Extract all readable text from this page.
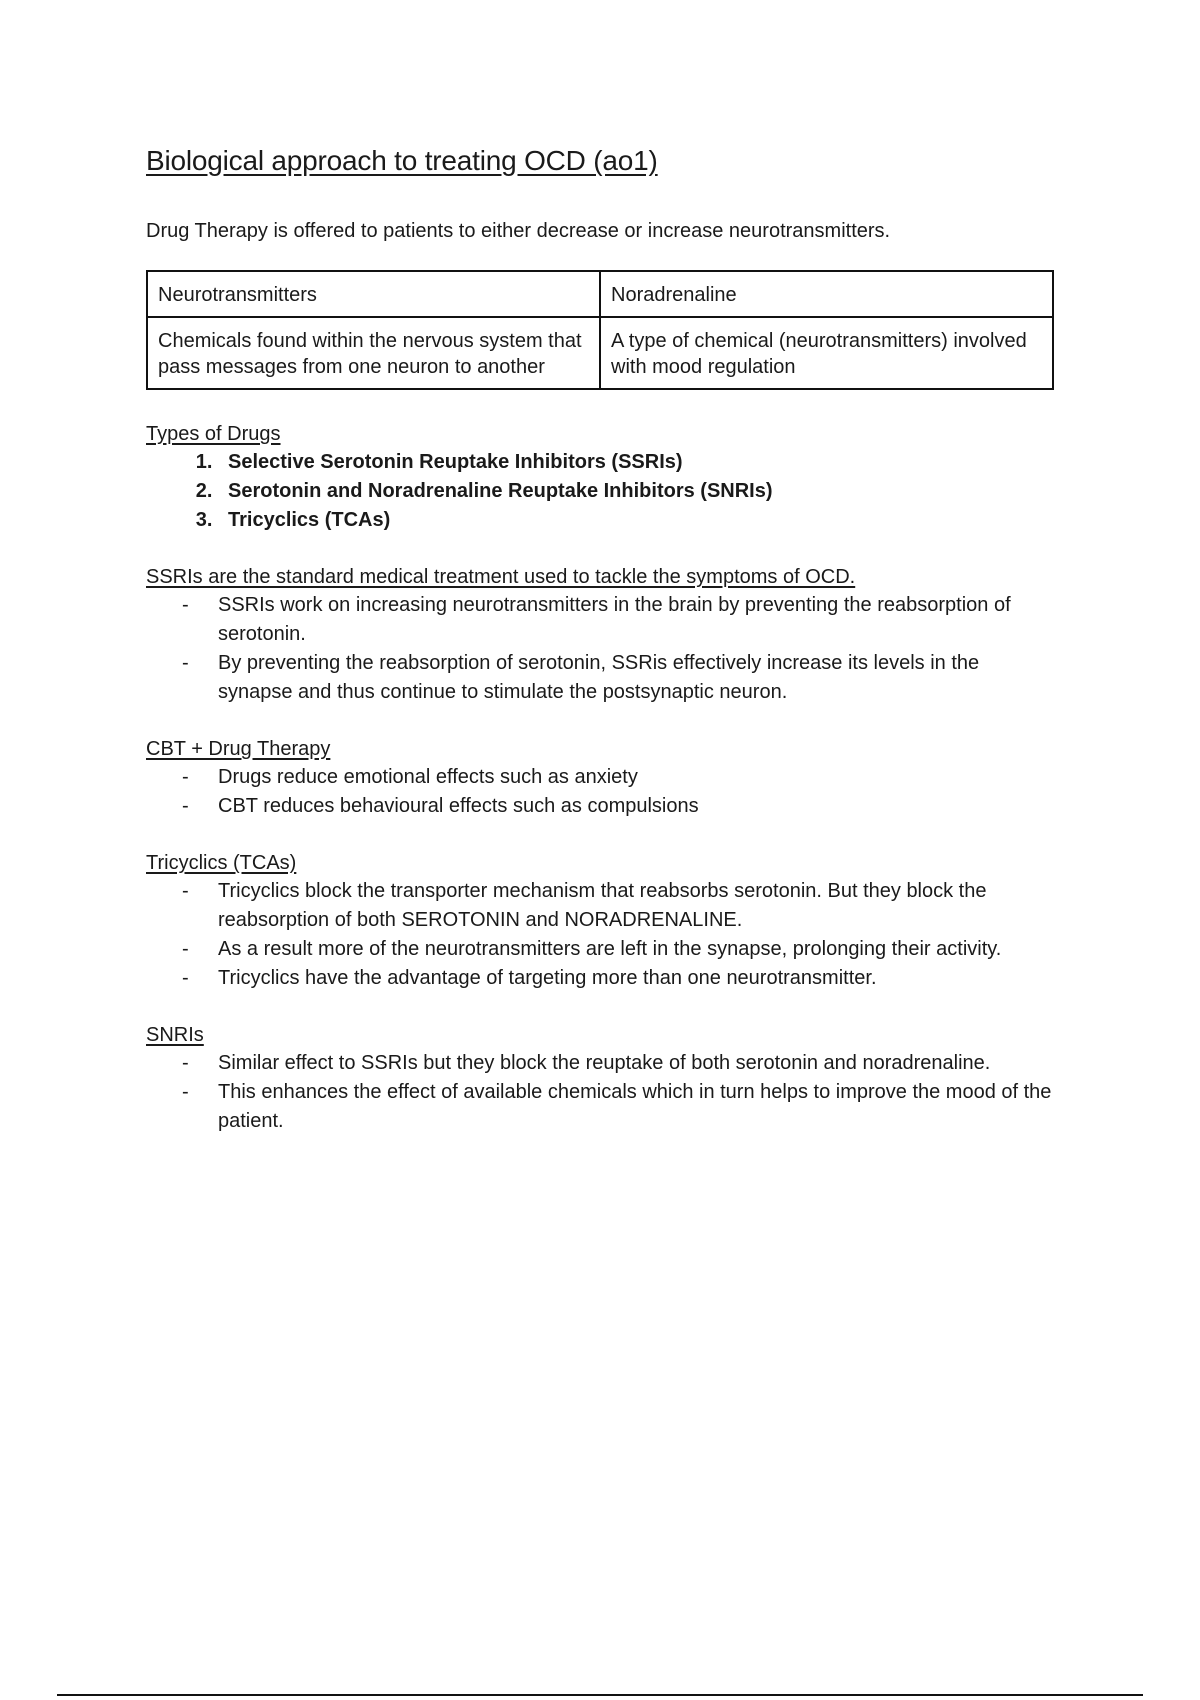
Biological approach to treating OCD (ao1)

Drug Therapy is offered to patients to either decrease or increase neurotransmitters.

Neurotransmitters	Noradrenaline
Chemicals found within the nervous system that pass messages from one neuron to another	A type of chemical (neurotransmitters) involved with mood regulation
Types of Drugs
1. Selective Serotonin Reuptake Inhibitors (SSRIs)
2. Serotonin and Noradrenaline Reuptake Inhibitors (SNRIs)
3. Tricyclics (TCAs)
SSRIs are the standard medical treatment used to tackle the symptoms of OCD.
- SSRIs work on increasing neurotransmitters in the brain by preventing the reabsorption of serotonin.
- By preventing the reabsorption of serotonin, SSRis effectively increase its levels in the synapse and thus continue to stimulate the postsynaptic neuron.
CBT + Drug Therapy
- Drugs reduce emotional effects such as anxiety
- CBT reduces behavioural effects such as compulsions
Tricyclics (TCAs)
- Tricyclics block the transporter mechanism that reabsorbs serotonin. But they block the reabsorption of both SEROTONIN and NORADRENALINE.
- As a result more of the neurotransmitters are left in the synapse, prolonging their activity.
- Tricyclics have the advantage of targeting more than one neurotransmitter.
SNRIs
- Similar effect to SSRIs but they block the reuptake of both serotonin and noradrenaline.
- This enhances the effect of available chemicals which in turn helps to improve the mood of the patient.
